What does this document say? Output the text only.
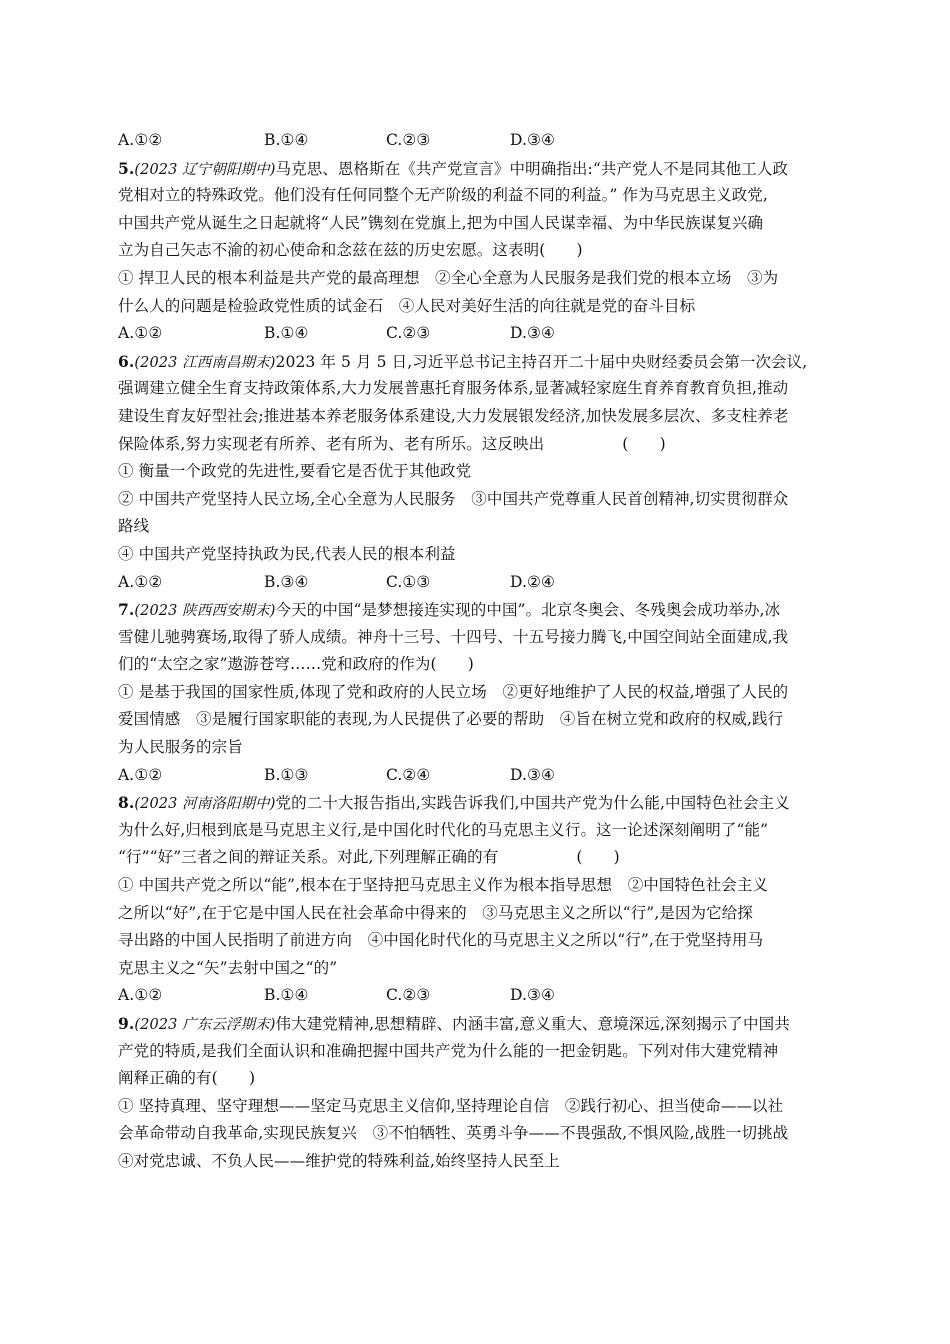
A.①②	B.①④	C.②③	D.③④
5.(2023 辽宁朝阳期中)马克思、恩格斯在《共产党宣言》中明确指出:“共产党人不是同其他工人政
党相对立的特殊政党。他们没有任何同整个无产阶级的利益不同的利益。” 作为马克思主义政党,
中国共产党从诞生之日起就将“人民”镌刻在党旗上,把为中国人民谋幸福、为中华民族谋复兴确
立为自己矢志不渝的初心使命和念兹在兹的历史宏愿。这表明(　　)
① 捍卫人民的根本利益是共产党的最高理想　②全心全意为人民服务是我们党的根本立场　③为
什么人的问题是检验政党性质的试金石　④人民对美好生活的向往就是党的奋斗目标
A.①②	B.①④	C.②③	D.③④
6.(2023 江西南昌期末)2023 年 5 月 5 日,习近平总书记主持召开二十届中央财经委员会第一次会议,
强调建立健全生育支持政策体系,大力发展普惠托育服务体系,显著减轻家庭生育养育教育负担,推动
建设生育友好型社会;推进基本养老服务体系建设,大力发展银发经济,加快发展多层次、多支柱养老
保险体系,努力实现老有所养、老有所为、老有所乐。这反映出　　　　　(　　)
① 衡量一个政党的先进性,要看它是否优于其他政党
② 中国共产党坚持人民立场,全心全意为人民服务　③中国共产党尊重人民首创精神,切实贯彻群众
路线
④ 中国共产党坚持执政为民,代表人民的根本利益
A.①②	B.③④	C.①③	D.②④
7.(2023 陕西西安期末)今天的中国“是梦想接连实现的中国”。北京冬奥会、冬残奥会成功举办,冰
雪健儿驰骋赛场,取得了骄人成绩。神舟十三号、十四号、十五号接力腾飞,中国空间站全面建成,我
们的“太空之家”遨游苍穹……党和政府的作为(　　)
① 是基于我国的国家性质,体现了党和政府的人民立场　②更好地维护了人民的权益,增强了人民的
爱国情感　③是履行国家职能的表现,为人民提供了必要的帮助　④旨在树立党和政府的权威,践行
为人民服务的宗旨
A.①②	B.①③	C.②④	D.③④
8.(2023 河南洛阳期中)党的二十大报告指出,实践告诉我们,中国共产党为什么能,中国特色社会主义
为什么好,归根到底是马克思主义行,是中国化时代化的马克思主义行。这一论述深刻阐明了“能”
“行”“好”三者之间的辩证关系。对此,下列理解正确的有　　　　　(　　)
① 中国共产党之所以“能”,根本在于坚持把马克思主义作为根本指导思想　②中国特色社会主义
之所以“好”,在于它是中国人民在社会革命中得来的　③马克思主义之所以“行”,是因为它给探
寻出路的中国人民指明了前进方向　④中国化时代化的马克思主义之所以“行”,在于党坚持用马
克思主义之“矢”去射中国之“的”
A.①②	B.①④	C.②③	D.③④
9.(2023 广东云浮期末)伟大建党精神,思想精辟、内涵丰富,意义重大、意境深远,深刻揭示了中国共
产党的特质,是我们全面认识和准确把握中国共产党为什么能的一把金钥匙。下列对伟大建党精神
阐释正确的有(　　)
① 坚持真理、坚守理想——坚定马克思主义信仰,坚持理论自信　②践行初心、担当使命——以社
会革命带动自我革命,实现民族复兴　③不怕牺牲、英勇斗争——不畏强敌,不惧风险,战胜一切挑战
④对党忠诚、不负人民——维护党的特殊利益,始终坚持人民至上
